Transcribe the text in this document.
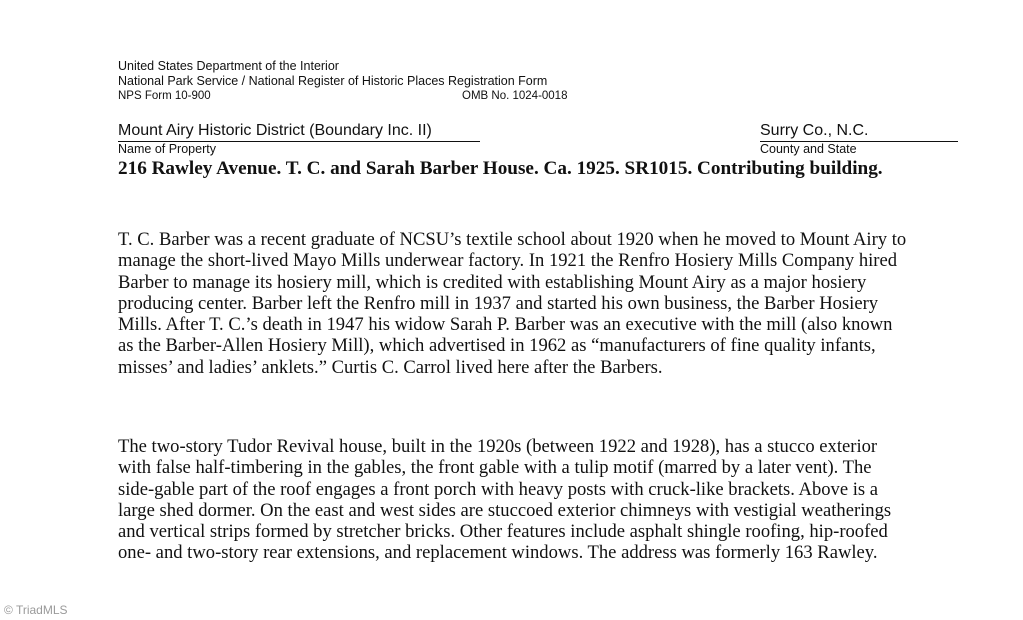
United States Department of the Interior
National Park Service / National Register of Historic Places Registration Form
NPS Form 10-900	OMB No. 1024-0018
Mount Airy Historic District (Boundary Inc. II)	Surry Co., N.C.
Name of Property	County and State

216 Rawley Avenue. T. C. and Sarah Barber House. Ca. 1925. SR1015. Contributing building.

T. C. Barber was a recent graduate of NCSU’s textile school about 1920 when he moved to Mount Airy to manage the short-lived Mayo Mills underwear factory. In 1921 the Renfro Hosiery Mills Company hired Barber to manage its hosiery mill, which is credited with establishing Mount Airy as a major hosiery producing center. Barber left the Renfro mill in 1937 and started his own business, the Barber Hosiery Mills. After T. C.’s death in 1947 his widow Sarah P. Barber was an executive with the mill (also known as the Barber-Allen Hosiery Mill), which advertised in 1962 as “manufacturers of fine quality infants, misses’ and ladies’ anklets.” Curtis C. Carrol lived here after the Barbers.

The two-story Tudor Revival house, built in the 1920s (between 1922 and 1928), has a stucco exterior with false half-timbering in the gables, the front gable with a tulip motif (marred by a later vent). The side-gable part of the roof engages a front porch with heavy posts with cruck-like brackets. Above is a large shed dormer. On the east and west sides are stuccoed exterior chimneys with vestigial weatherings and vertical strips formed by stretcher bricks. Other features include asphalt shingle roofing, hip-roofed one- and two-story rear extensions, and replacement windows. The address was formerly 163 Rawley.

© TriadMLS
